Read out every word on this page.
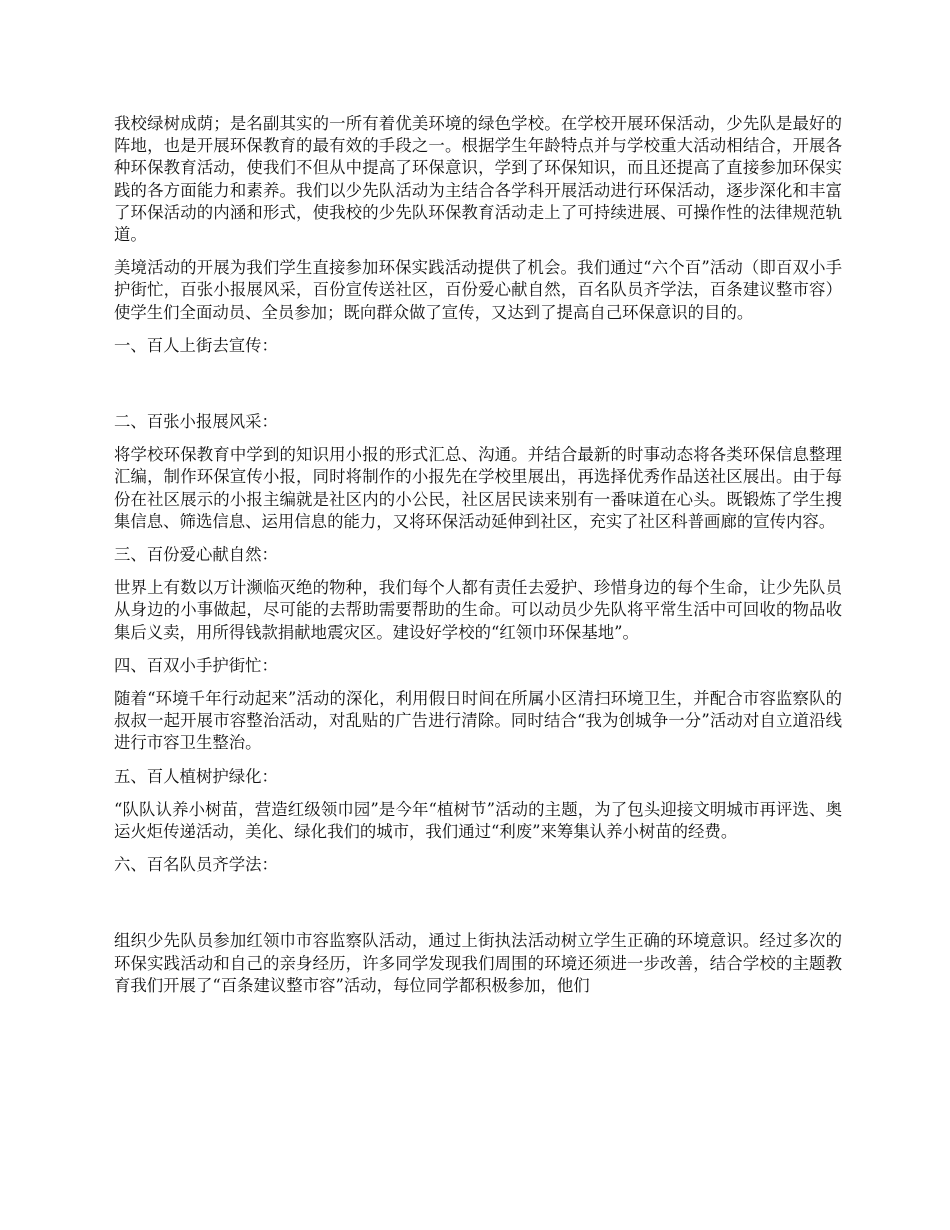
我校绿树成荫；是名副其实的一所有着优美环境的绿色学校。在学校开展环保活动，少先队是最好的阵地，也是开展环保教育的最有效的手段之一。根据学生年龄特点并与学校重大活动相结合，开展各种环保教育活动，使我们不但从中提高了环保意识，学到了环保知识，而且还提高了直接参加环保实践的各方面能力和素养。我们以少先队活动为主结合各学科开展活动进行环保活动，逐步深化和丰富了环保活动的内涵和形式，使我校的少先队环保教育活动走上了可持续进展、可操作性的法律规范轨道。

美境活动的开展为我们学生直接参加环保实践活动提供了机会。我们通过“六个百”活动（即百双小手护街忙，百张小报展风采，百份宣传送社区，百份爱心献自然，百名队员齐学法，百条建议整市容）使学生们全面动员、全员参加；既向群众做了宣传，又达到了提高自己环保意识的目的。

一、百人上街去宣传：

二、百张小报展风采：

将学校环保教育中学到的知识用小报的形式汇总、沟通。并结合最新的时事动态将各类环保信息整理汇编，制作环保宣传小报，同时将制作的小报先在学校里展出，再选择优秀作品送社区展出。由于每份在社区展示的小报主编就是社区内的小公民，社区居民读来别有一番味道在心头。既锻炼了学生搜集信息、筛选信息、运用信息的能力，又将环保活动延伸到社区，充实了社区科普画廊的宣传内容。

三、百份爱心献自然：

世界上有数以万计濒临灭绝的物种，我们每个人都有责任去爱护、珍惜身边的每个生命，让少先队员从身边的小事做起，尽可能的去帮助需要帮助的生命。可以动员少先队将平常生活中可回收的物品收集后义卖，用所得钱款捐献地震灾区。建设好学校的“红领巾环保基地”。

四、百双小手护街忙：

随着“环境千年行动起来”活动的深化，利用假日时间在所属小区清扫环境卫生，并配合市容监察队的叔叔一起开展市容整治活动，对乱贴的广告进行清除。同时结合“我为创城争一分”活动对自立道沿线进行市容卫生整治。

五、百人植树护绿化：

“队队认养小树苗，营造红级领巾园”是今年“植树节”活动的主题，为了包头迎接文明城市再评选、奥运火炬传递活动，美化、绿化我们的城市，我们通过“利废”来筹集认养小树苗的经费。

六、百名队员齐学法：

组织少先队员参加红领巾市容监察队活动，通过上街执法活动树立学生正确的环境意识。经过多次的环保实践活动和自己的亲身经历，许多同学发现我们周围的环境还须进一步改善，结合学校的主题教育我们开展了“百条建议整市容”活动，每位同学都积极参加，他们
